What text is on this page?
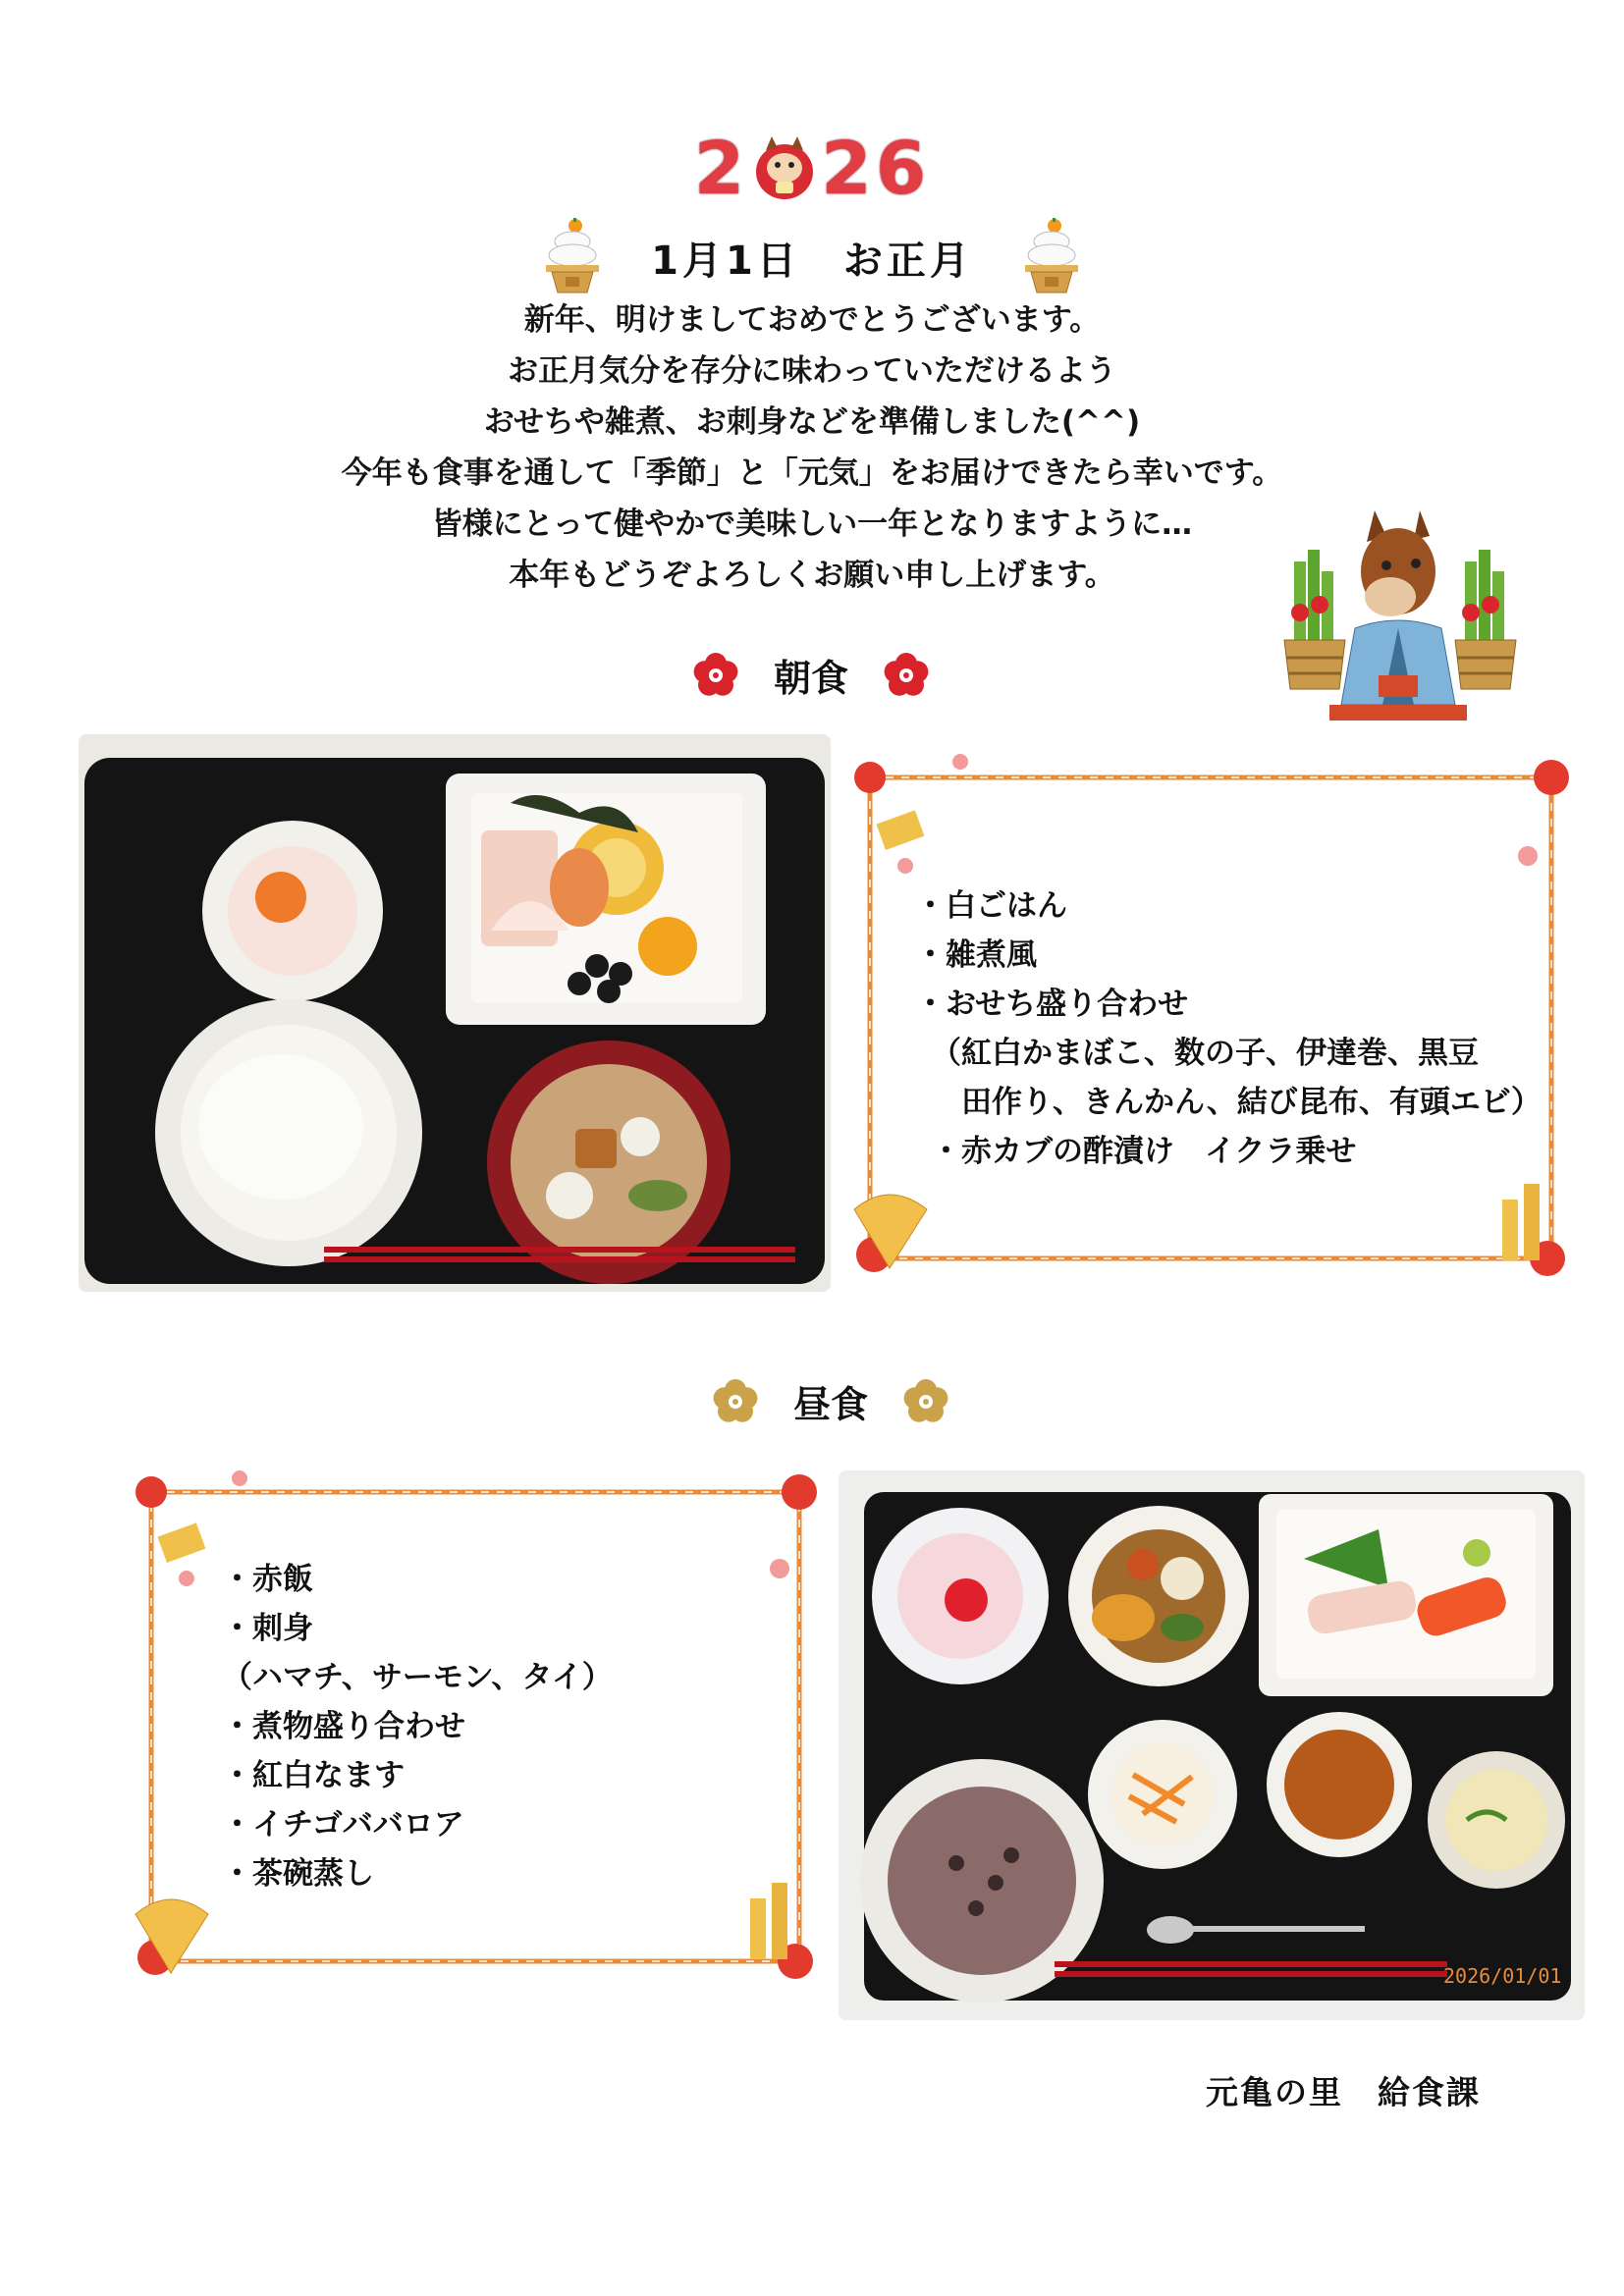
2 26
1月1日　お正月

新年、明けましておめでとうございます。

お正月気分を存分に味わっていただけるよう

おせちや雑煮、お刺身などを準備しました(^^)

今年も食事を通して「季節」と「元気」をお届けできたら幸いです。

皆様にとって健やかで美味しい一年となりますように…

本年もどうぞよろしくお願い申し上げます。

朝食
・白ごはん
・雑煮風
・おせち盛り合わせ
（紅白かまぼこ、数の子、伊達巻、黒豆
　田作り、きんかん、結び昆布、有頭エビ）
・赤カブの酢漬け　イクラ乗せ
昼食
・赤飯
・刺身
（ハマチ、サーモン、タイ）
・煮物盛り合わせ
・紅白なます
・イチゴババロア
・茶碗蒸し
2026/01/01
元亀の里　給食課
